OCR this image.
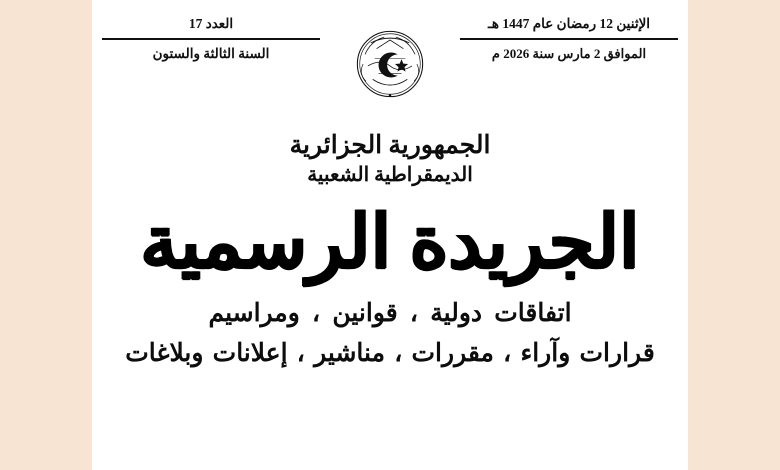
الإثنين 12 رمضان عام 1447 هـ
الموافق 2 مارس سنة 2026 م
العدد 17
السنة الثالثة والستون
الجمهورية الجزائرية
الديمقراطية الشعبية
الجريدة الرسمية
اتفاقات دولية ، قوانين ، ومراسيم
قرارات وآراء ، مقررات ، مناشير ، إعلانات وبلاغات
